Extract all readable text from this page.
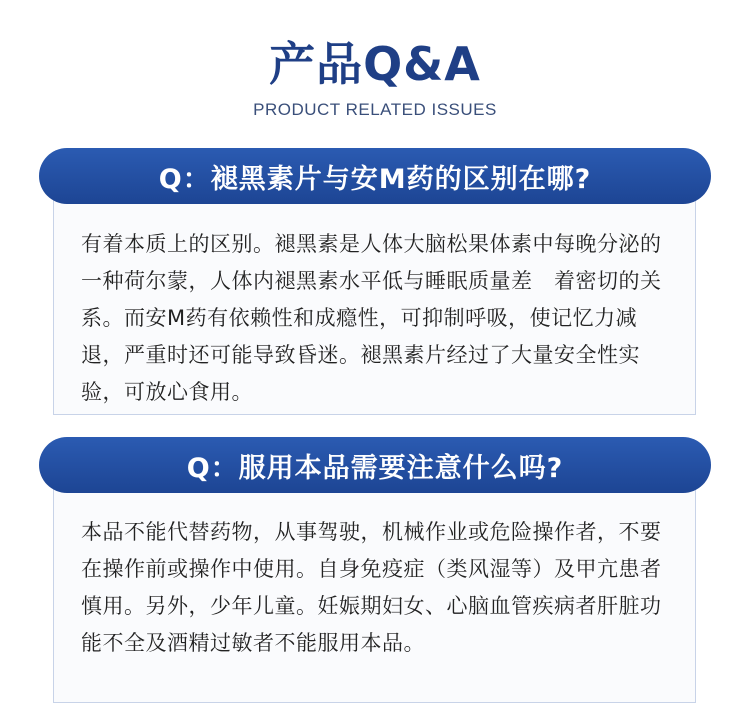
产品Q&A
PRODUCT RELATED ISSUES
有着本质上的区别。褪黑素是人体大脑松果体素中每晚分泌的一种荷尔蒙，人体内褪黑素水平低与睡眠质量差　着密切的关系。而安M药有依赖性和成瘾性，可抑制呼吸，使记忆力减退，严重时还可能导致昏迷。褪黑素片经过了大量安全性实验，可放心食用。
Q：褪黑素片与安M药的区别在哪?
本品不能代替药物，从事驾驶，机械作业或危险操作者，不要在操作前或操作中使用。自身免疫症（类风湿等）及甲亢患者慎用。另外，少年儿童。妊娠期妇女、心脑血管疾病者肝脏功能不全及酒精过敏者不能服用本品。
Q：服用本品需要注意什么吗?
